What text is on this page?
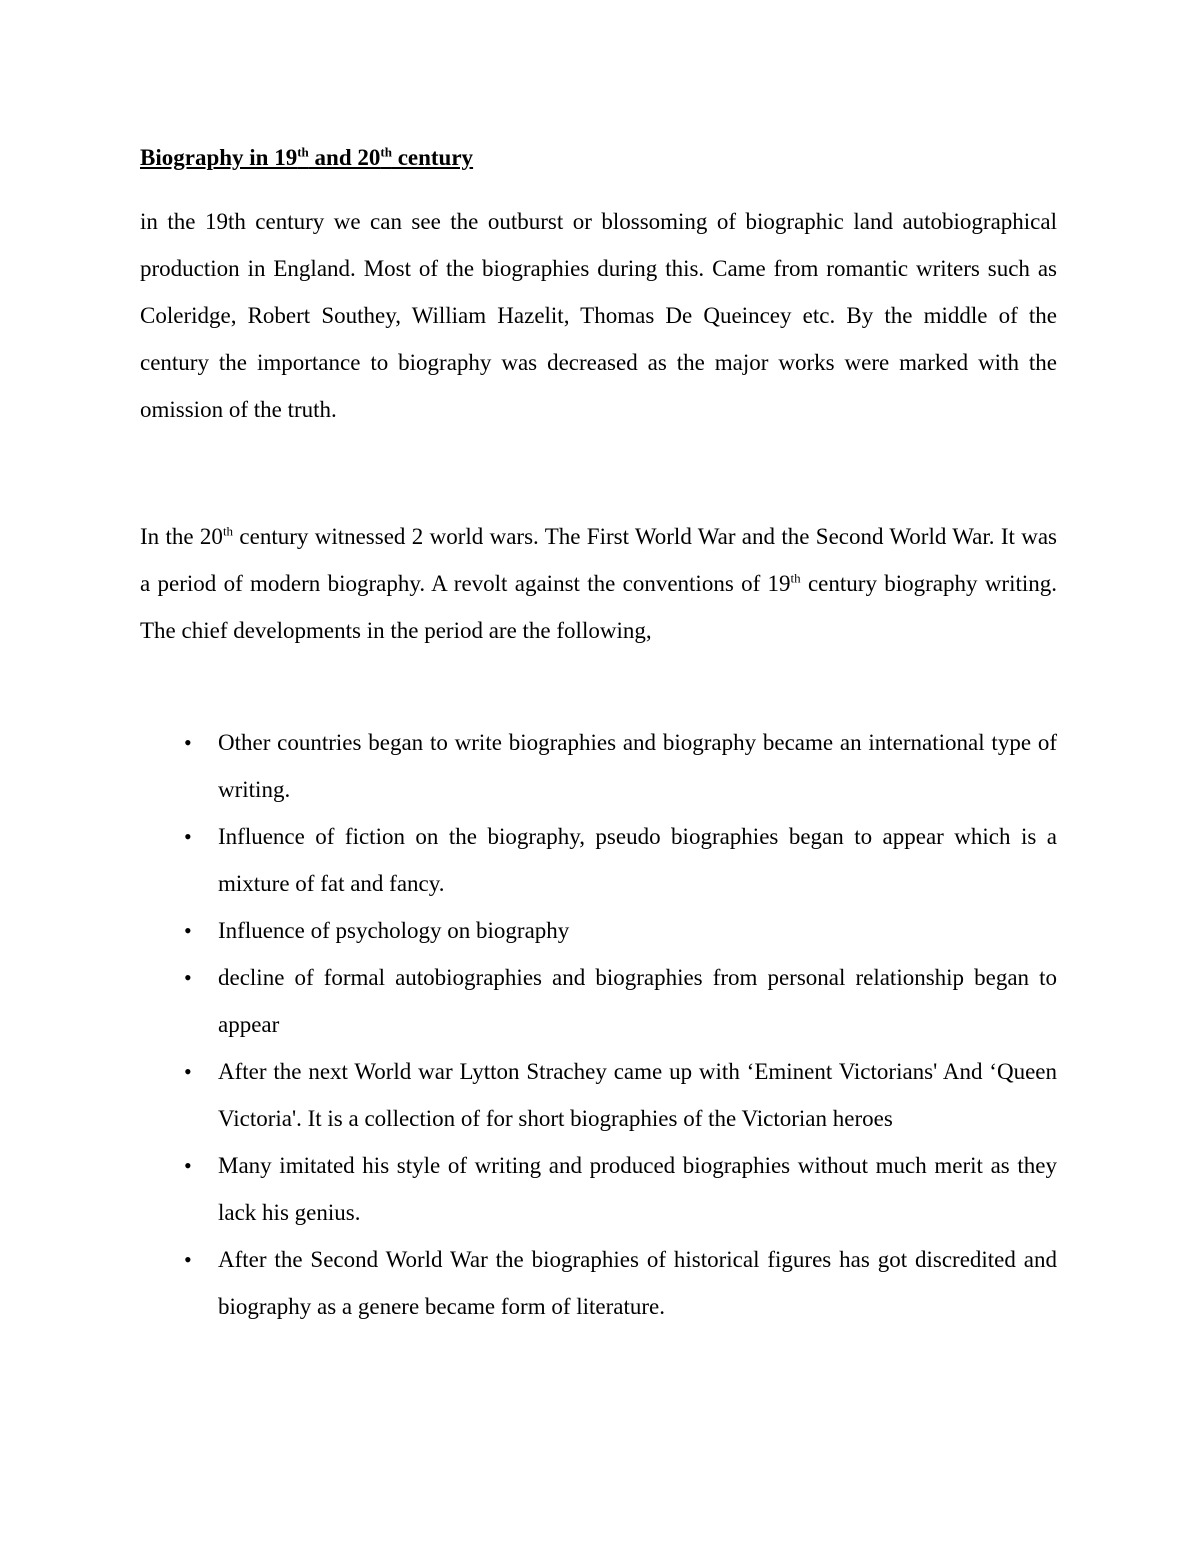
Biography in 19th and 20th century
in the 19th century we can see the outburst or blossoming of biographic land autobiographical production in England. Most of the biographies during this. Came from romantic writers such as Coleridge, Robert Southey, William Hazelit, Thomas De Queincey etc. By the middle of the century the importance to biography was decreased as the major works were marked with the omission of the truth.
In the 20th century witnessed 2 world wars. The First World War and the Second World War. It was a period of modern biography. A revolt against the conventions of 19th century biography writing. The chief developments in the period are the following,
• Other countries began to write biographies and biography became an international type of writing.
• Influence of fiction on the biography, pseudo biographies began to appear which is a mixture of fat and fancy.
• Influence of psychology on biography
• decline of formal autobiographies and biographies from personal relationship began to appear
• After the next World war Lytton Strachey came up with ‘Eminent Victorians' And ‘Queen Victoria'. It is a collection of for short biographies of the Victorian heroes
• Many imitated his style of writing and produced biographies without much merit as they lack his genius.
• After the Second World War the biographies of historical figures has got discredited and biography as a genere became form of literature.
